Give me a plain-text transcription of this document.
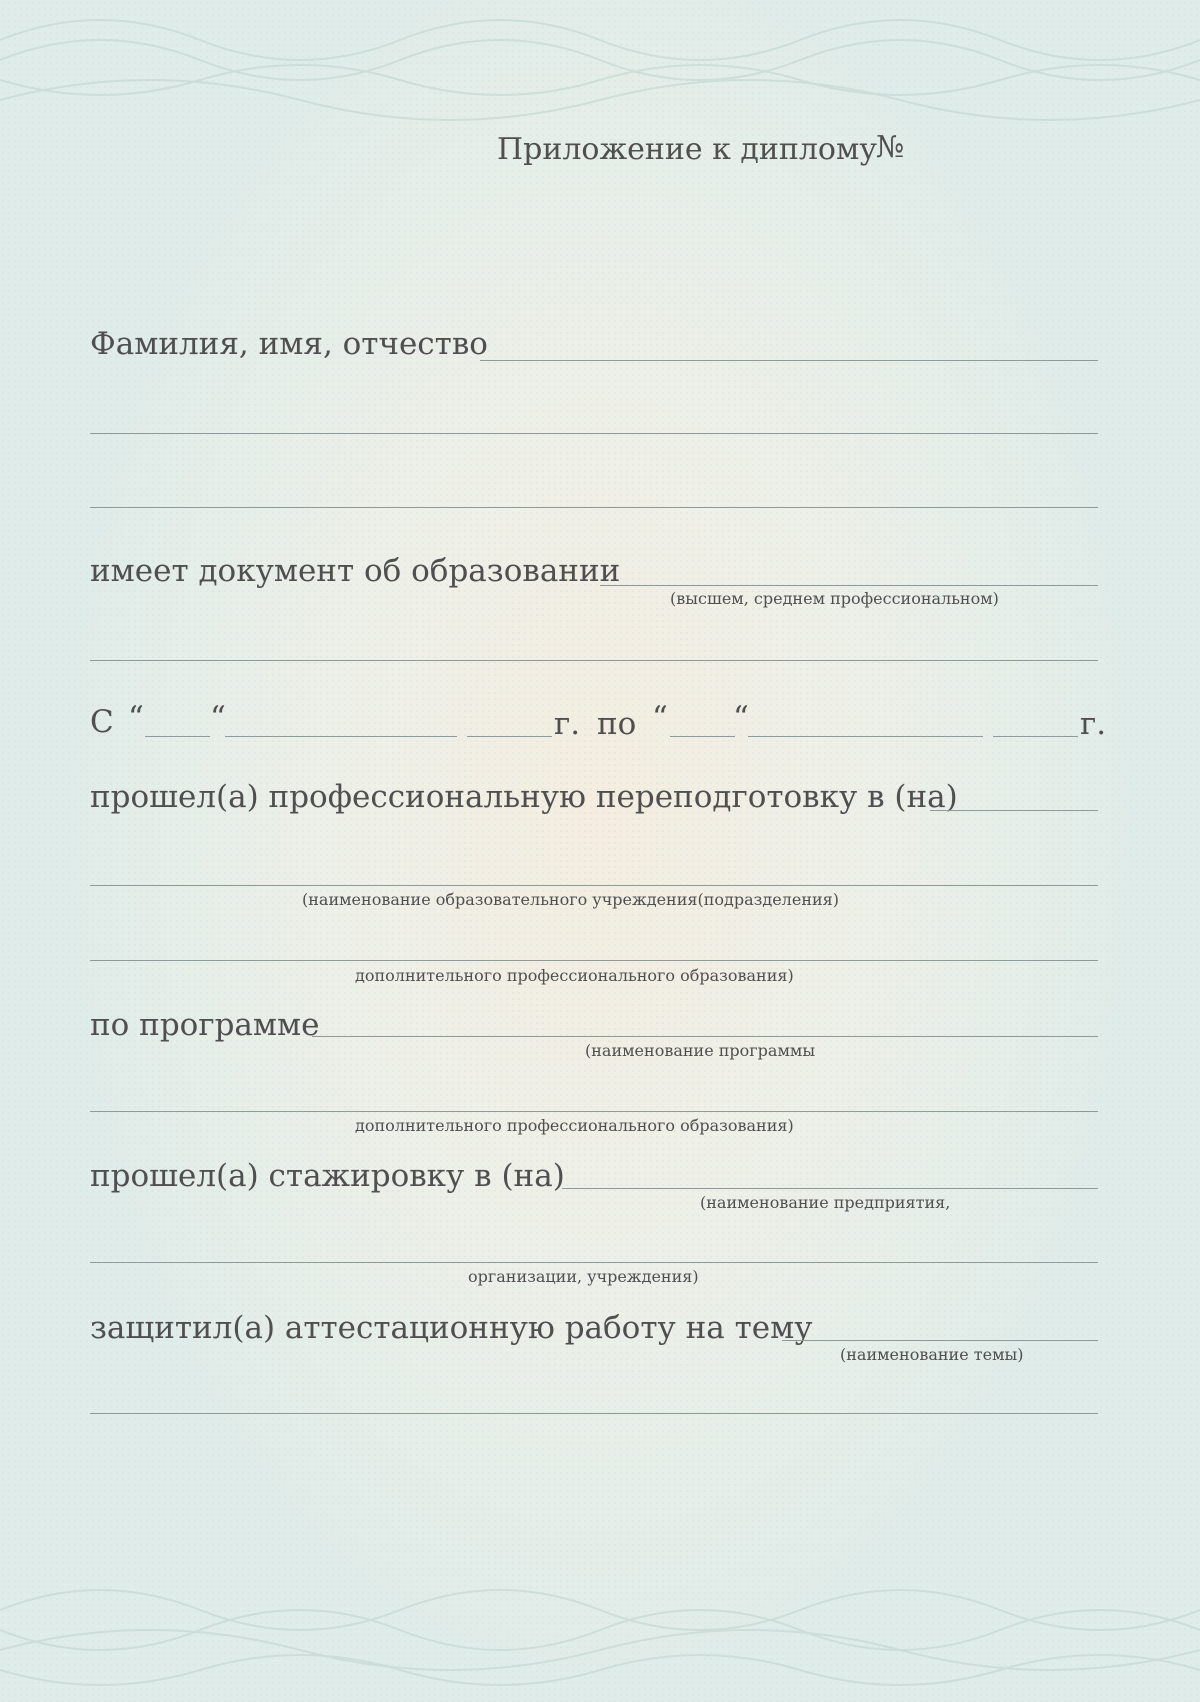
Приложение к диплому №
Фамилия, имя, отчество
имеет документ об образовании
(высшем, среднем профессиональном)
С “ “	г. по “ “	г.
прошел(а) профессиональную переподготовку в (на)
(наименование образовательного учреждения(подразделения)
дополнительного профессионального образования)
по программе
(наименование программы
дополнительного профессионального образования)
прошел(а) стажировку в (на)
(наименование предприятия,
организации, учреждения)
защитил(а) аттестационную работу на тему
(наименование темы)
